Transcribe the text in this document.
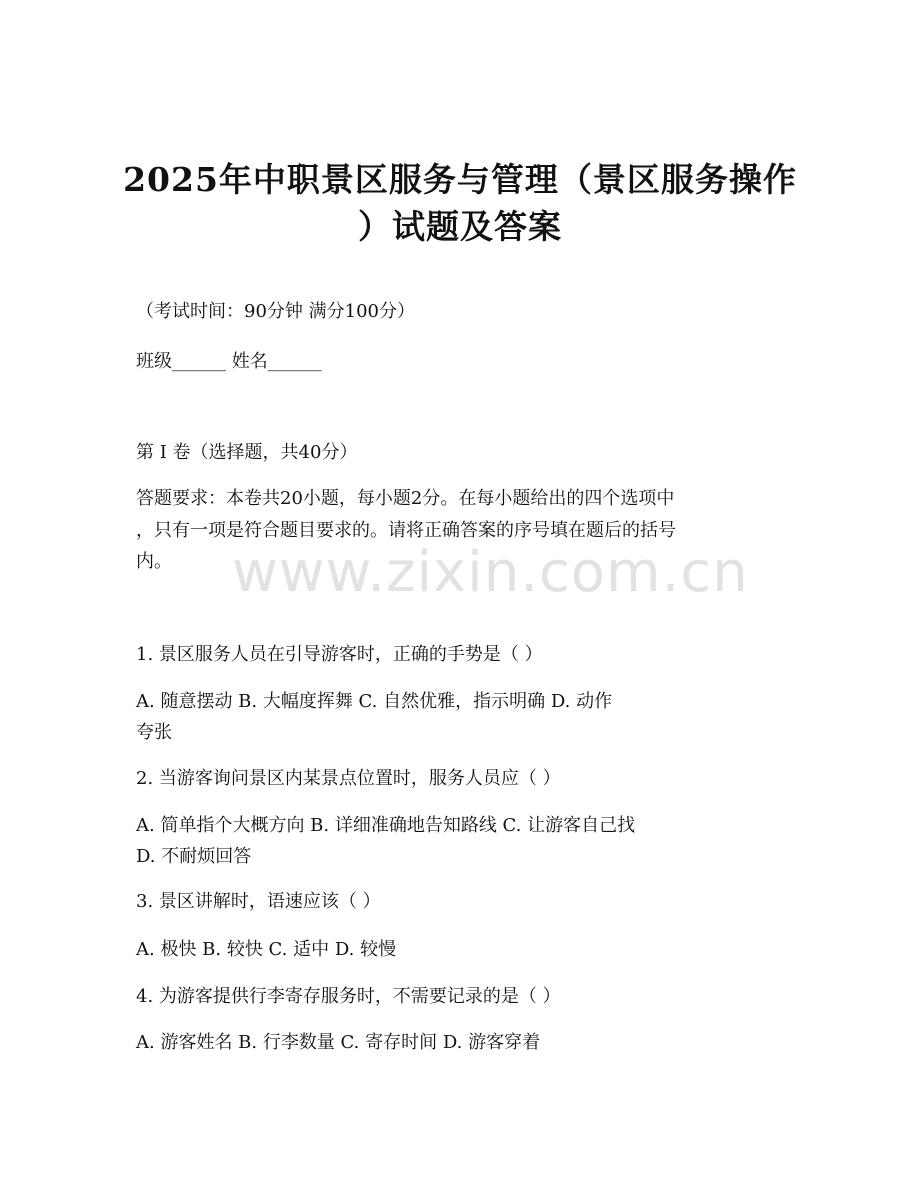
2025年中职景区服务与管理（景区服务操作
）试题及答案

（考试时间：90分钟 满分100分）

班级______ 姓名______

第 I 卷（选择题，共40分）

答题要求：本卷共20小题，每小题2分。在每小题给出的四个选项中

，只有一项是符合题目要求的。请将正确答案的序号填在题后的括号

内。	www.zixin.com.cn

1. 景区服务人员在引导游客时，正确的手势是（ ）

A. 随意摆动 B. 大幅度挥舞 C. 自然优雅，指示明确 D. 动作

夸张

2. 当游客询问景区内某景点位置时，服务人员应（ ）

A. 简单指个大概方向 B. 详细准确地告知路线 C. 让游客自己找

D. 不耐烦回答

3. 景区讲解时，语速应该（ ）

A. 极快 B. 较快 C. 适中 D. 较慢

4. 为游客提供行李寄存服务时，不需要记录的是（ ）

A. 游客姓名 B. 行李数量 C. 寄存时间 D. 游客穿着
